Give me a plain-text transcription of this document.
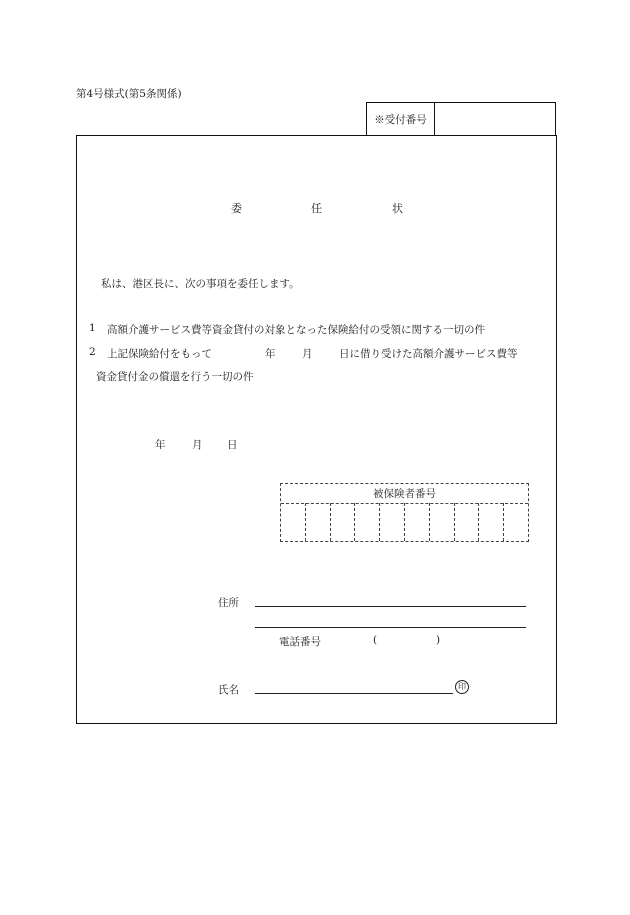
第4号様式(第5条関係)
※受付番号
委	任	状
私は、港区長に、次の事項を委任します。
1 高額介護サービス費等資金貸付の対象となった保険給付の受領に関する一切の件
2 上記保険給付をもって	年	月	日に借り受けた高額介護サービス費等
資金貸付金の償還を行う一切の件
年	月 日
被保険者番号
住所
電話番号	(	)
氏名	印
